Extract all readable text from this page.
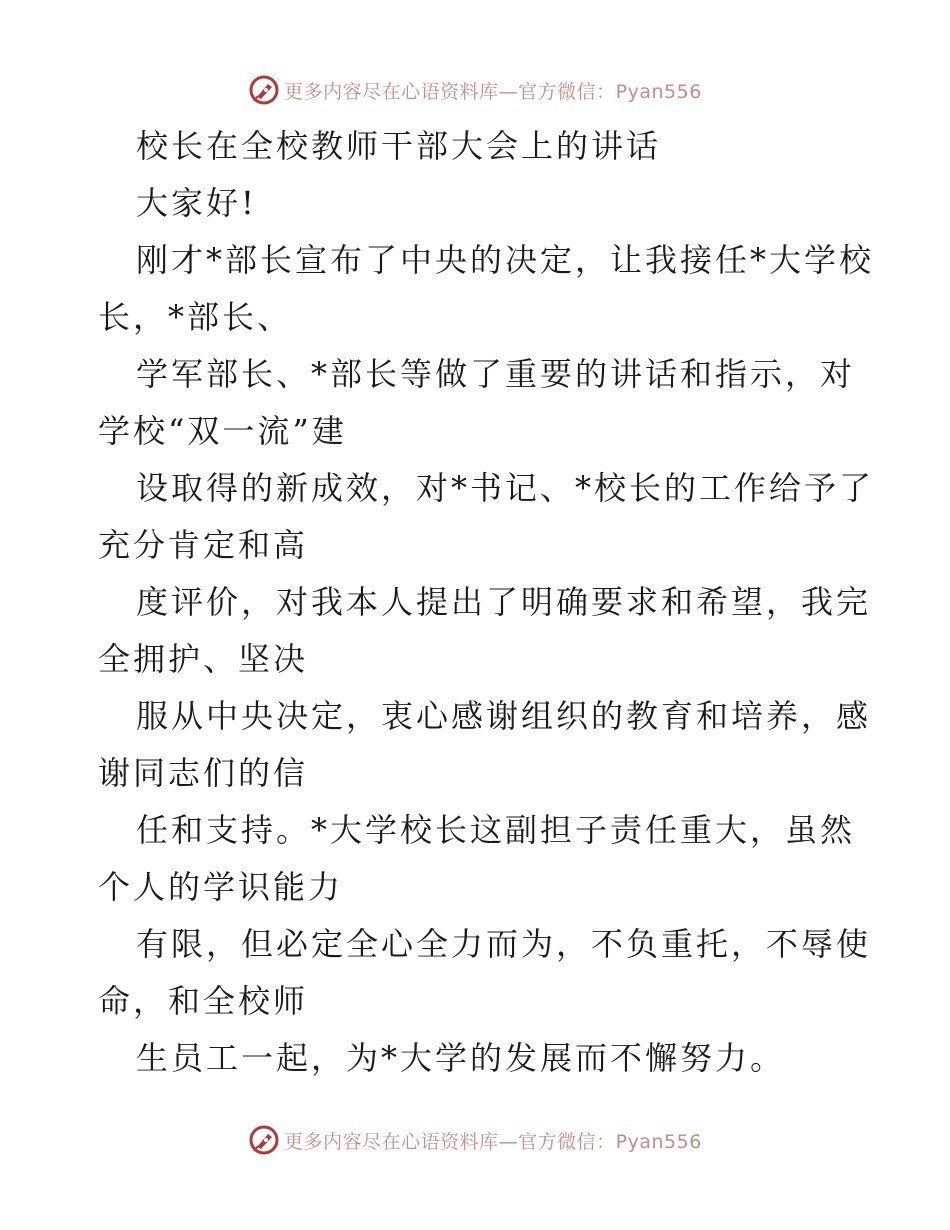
更多内容尽在心语资料库—官方微信：Pyan556
校长在全校教师干部大会上的讲话
大家好!
刚才*部长宣布了中央的决定，让我接任*大学校
长，*部长、
学军部长、*部长等做了重要的讲话和指示，对
学校“双一流”建
设取得的新成效，对*书记、*校长的工作给予了
充分肯定和高
度评价，对我本人提出了明确要求和希望，我完
全拥护、坚决
服从中央决定，衷心感谢组织的教育和培养，感
谢同志们的信
任和支持。*大学校长这副担子责任重大，虽然
个人的学识能力
有限，但必定全心全力而为，不负重托，不辱使
命，和全校师
生员工一起，为*大学的发展而不懈努力。
更多内容尽在心语资料库—官方微信：Pyan556
